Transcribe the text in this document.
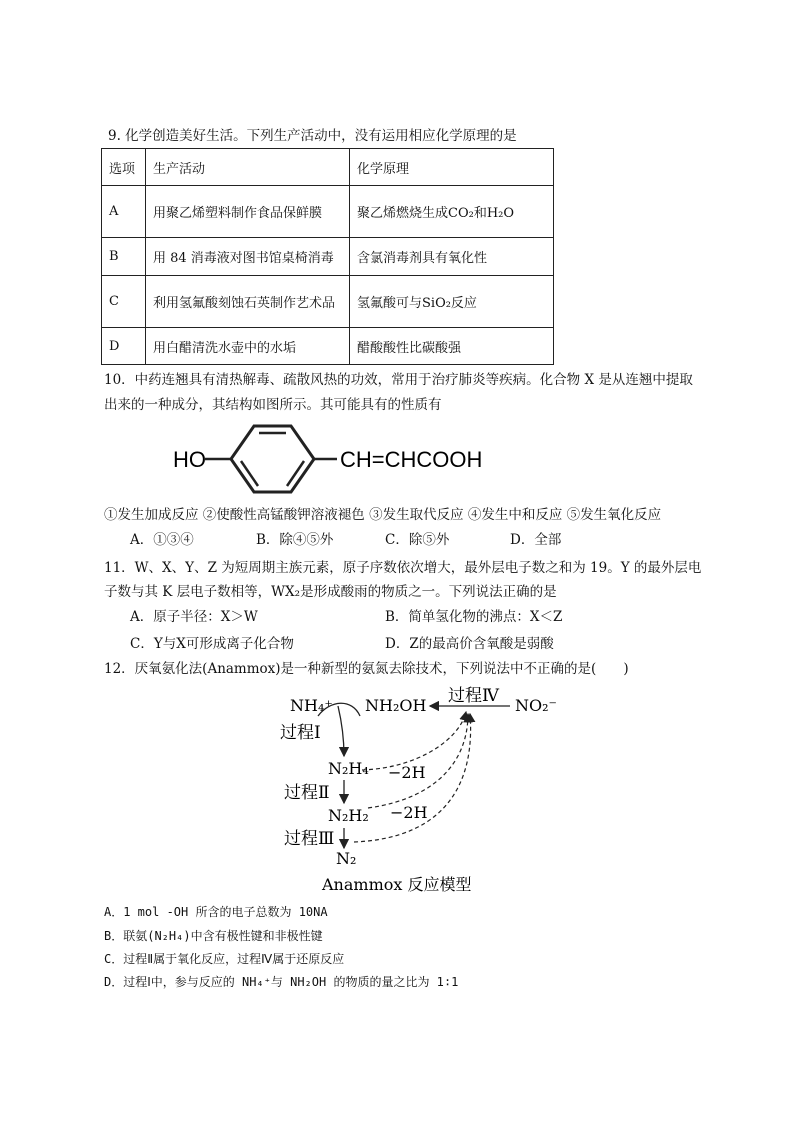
9. 化学创造美好生活。下列生产活动中，没有运用相应化学原理的是
选项	生产活动	化学原理
A	用聚乙烯塑料制作食品保鲜膜	聚乙烯燃烧生成CO₂和H₂O
B	用 84 消毒液对图书馆桌椅消毒	含氯消毒剂具有氧化性
C	利用氢氟酸刻蚀石英制作艺术品	氢氟酸可与SiO₂反应
D	用白醋清洗水壶中的水垢	醋酸酸性比碳酸强
10．中药连翘具有清热解毒、疏散风热的功效，常用于治疗肺炎等疾病。化合物 X 是从连翘中提取
出来的一种成分，其结构如图所示。其可能具有的性质有
HO	CH=CHCOOH
①发生加成反应 ②使酸性高锰酸钾溶液褪色 ③发生取代反应 ④发生中和反应 ⑤发生氧化反应
A．①③④	B．除④⑤外	C．除⑤外	D．全部
11．W、X、Y、Z 为短周期主族元素，原子序数依次增大，最外层电子数之和为 19。Y 的最外层电
子数与其 K 层电子数相等，WX₂是形成酸雨的物质之一。下列说法正确的是
A．原子半径：X＞W	B．简单氢化物的沸点：X＜Z
C．Y与X可形成离子化合物	D．Z的最高价含氧酸是弱酸
12．厌氧氨化法(Anammox)是一种新型的氨氮去除技术，下列说法中不正确的是(　　)
NH₄⁺ NH₂OH	NO₂⁻
过程Ⅳ
过程Ⅰ
N₂H₄ −2H
过程Ⅱ
N₂H₂ −2H
过程Ⅲ
N₂
Anammox 反应模型
A．1 mol -OH 所含的电子总数为 10NA
B．联氨(N₂H₄)中含有极性键和非极性键
C．过程Ⅱ属于氧化反应，过程Ⅳ属于还原反应
D．过程Ⅰ中，参与反应的 NH₄⁺与 NH₂OH 的物质的量之比为 1∶1
